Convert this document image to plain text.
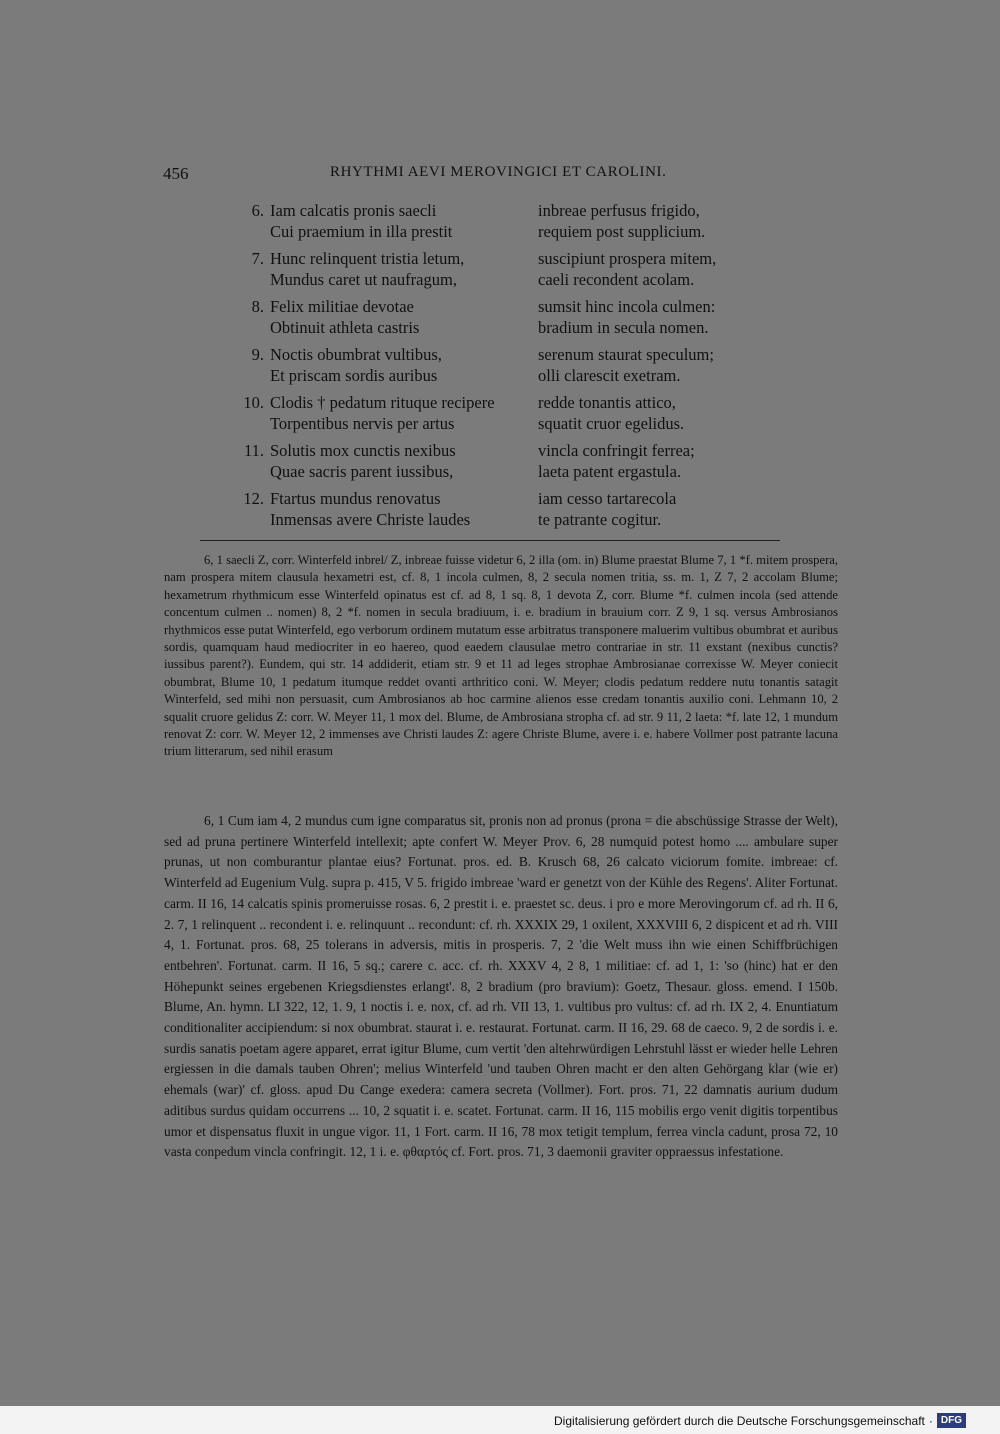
456	RHYTHMI AEVI MEROVINGICI ET CAROLINI.
6. Iam calcatis pronis saecli	inbreae perfusus frigido,
Cui praemium in illa prestit	requiem post supplicium.
7. Hunc relinquent tristia letum,	suscipiunt prospera mitem,
Mundus caret ut naufragum,	caeli recondent acolam.
8. Felix militiae devotae	sumsit hinc incola culmen:
Obtinuit athleta castris	bradium in secula nomen.
9. Noctis obumbrat vultibus,	serenum staurat speculum;
Et priscam sordis auribus	olli clarescit exetram.
10. Clodis † pedatum rituque recipere	redde tonantis attico,
Torpentibus nervis per artus	squatit cruor egelidus.
11. Solutis mox cunctis nexibus	vincla confringit ferrea;
Quae sacris parent iussibus,	laeta patent ergastula.
12. Ftartus mundus renovatus	iam cesso tartarecola
Inmensas avere Christe laudes	te patrante cogitur.

6, 1 saecli Z, corr. Winterfeld inbrel/ Z, inbreae fuisse videtur 6, 2 illa (om. in) Blume praestat Blume 7, 1 *f. mitem prospera, nam prospera mitem clausula hexametri est, cf. 8, 1 incola culmen, 8, 2 secula nomen tritia, ss. m. 1, Z 7, 2 accolam Blume; hexametrum rhythmicum esse Winterfeld opinatus est cf. ad 8, 1 sq. 8, 1 devota Z, corr. Blume *f. culmen incola (sed attende concentum culmen .. nomen) 8, 2 *f. nomen in secula bradiuum, i. e. bradium in brauium corr. Z 9, 1 sq. versus Ambrosianos rhythmicos esse putat Winterfeld, ego verborum ordinem mutatum esse arbitratus transponere maluerim vultibus obumbrat et auribus sordis, quamquam haud mediocriter in eo haereo, quod eaedem clausulae metro contrariae in str. 11 exstant (nexibus cunctis? iussibus parent?). Eundem, qui str. 14 addiderit, etiam str. 9 et 11 ad leges strophae Ambrosianae correxisse W. Meyer coniecit obumbrat, Blume 10, 1 pedatum itumque reddet ovanti arthritico coni. W. Meyer; clodis pedatum reddere nutu tonantis satagit Winterfeld, sed mihi non persuasit, cum Ambrosianos ab hoc carmine alienos esse credam tonantis auxilio coni. Lehmann 10, 2 squalit cruore gelidus Z: corr. W. Meyer 11, 1 mox del. Blume, de Ambrosiana stropha cf. ad str. 9 11, 2 laeta: *f. late 12, 1 mundum renovat Z: corr. W. Meyer 12, 2 immenses ave Christi laudes Z: agere Christe Blume, avere i. e. habere Vollmer post patrante lacuna trium litterarum, sed nihil erasum

6, 1 Cum iam 4, 2 mundus cum igne comparatus sit, pronis non ad pronus (prona = die abschüssige Strasse der Welt), sed ad pruna pertinere Winterfeld intellexit; apte confert W. Meyer Prov. 6, 28 numquid potest homo .... ambulare super prunas, ut non comburantur plantae eius? Fortunat. pros. ed. B. Krusch 68, 26 calcato viciorum fomite. imbreae: cf. Winterfeld ad Eugenium Vulg. supra p. 415, V 5. frigido imbreae 'ward er genetzt von der Kühle des Regens'. Aliter Fortunat. carm. II 16, 14 calcatis spinis promeruisse rosas. 6, 2 prestit i. e. praestet sc. deus. i pro e more Merovingorum cf. ad rh. II 6, 2. 7, 1 relinquent .. recondent i. e. relinquunt .. recondunt: cf. rh. XXXIX 29, 1 oxilent, XXXVIII 6, 2 dispicent et ad rh. VIII 4, 1. Fortunat. pros. 68, 25 tolerans in adversis, mitis in prosperis. 7, 2 'die Welt muss ihn wie einen Schiffbrüchigen entbehren'. Fortunat. carm. II 16, 5 sq.; carere c. acc. cf. rh. XXXV 4, 2 8, 1 militiae: cf. ad 1, 1: 'so (hinc) hat er den Höhepunkt seines ergebenen Kriegsdienstes erlangt'. 8, 2 bradium (pro bravium): Goetz, Thesaur. gloss. emend. I 150b. Blume, An. hymn. LI 322, 12, 1. 9, 1 noctis i. e. nox, cf. ad rh. VII 13, 1. vultibus pro vultus: cf. ad rh. IX 2, 4. Enuntiatum conditionaliter accipiendum: si nox obumbrat. staurat i. e. restaurat. Fortunat. carm. II 16, 29. 68 de caeco. 9, 2 de sordis i. e. surdis sanatis poetam agere apparet, errat igitur Blume, cum vertit 'den altehrwürdigen Lehrstuhl lässt er wieder helle Lehren ergiessen in die damals tauben Ohren'; melius Winterfeld 'und tauben Ohren macht er den alten Gehörgang klar (wie er) ehemals (war)' cf. gloss. apud Du Cange exedera: camera secreta (Vollmer). Fort. pros. 71, 22 damnatis aurium dudum aditibus surdus quidam occurrens ... 10, 2 squatit i. e. scatet. Fortunat. carm. II 16, 115 mobilis ergo venit digitis torpentibus umor et dispensatus fluxit in ungue vigor. 11, 1 Fort. carm. II 16, 78 mox tetigit templum, ferrea vincla cadunt, prosa 72, 10 vasta conpedum vincla confringit. 12, 1 i. e. φθαρτός cf. Fort. pros. 71, 3 daemonii graviter oppraessus infestatione.

Digitalisierung gefördert durch die Deutsche Forschungsgemeinschaft · DFG
